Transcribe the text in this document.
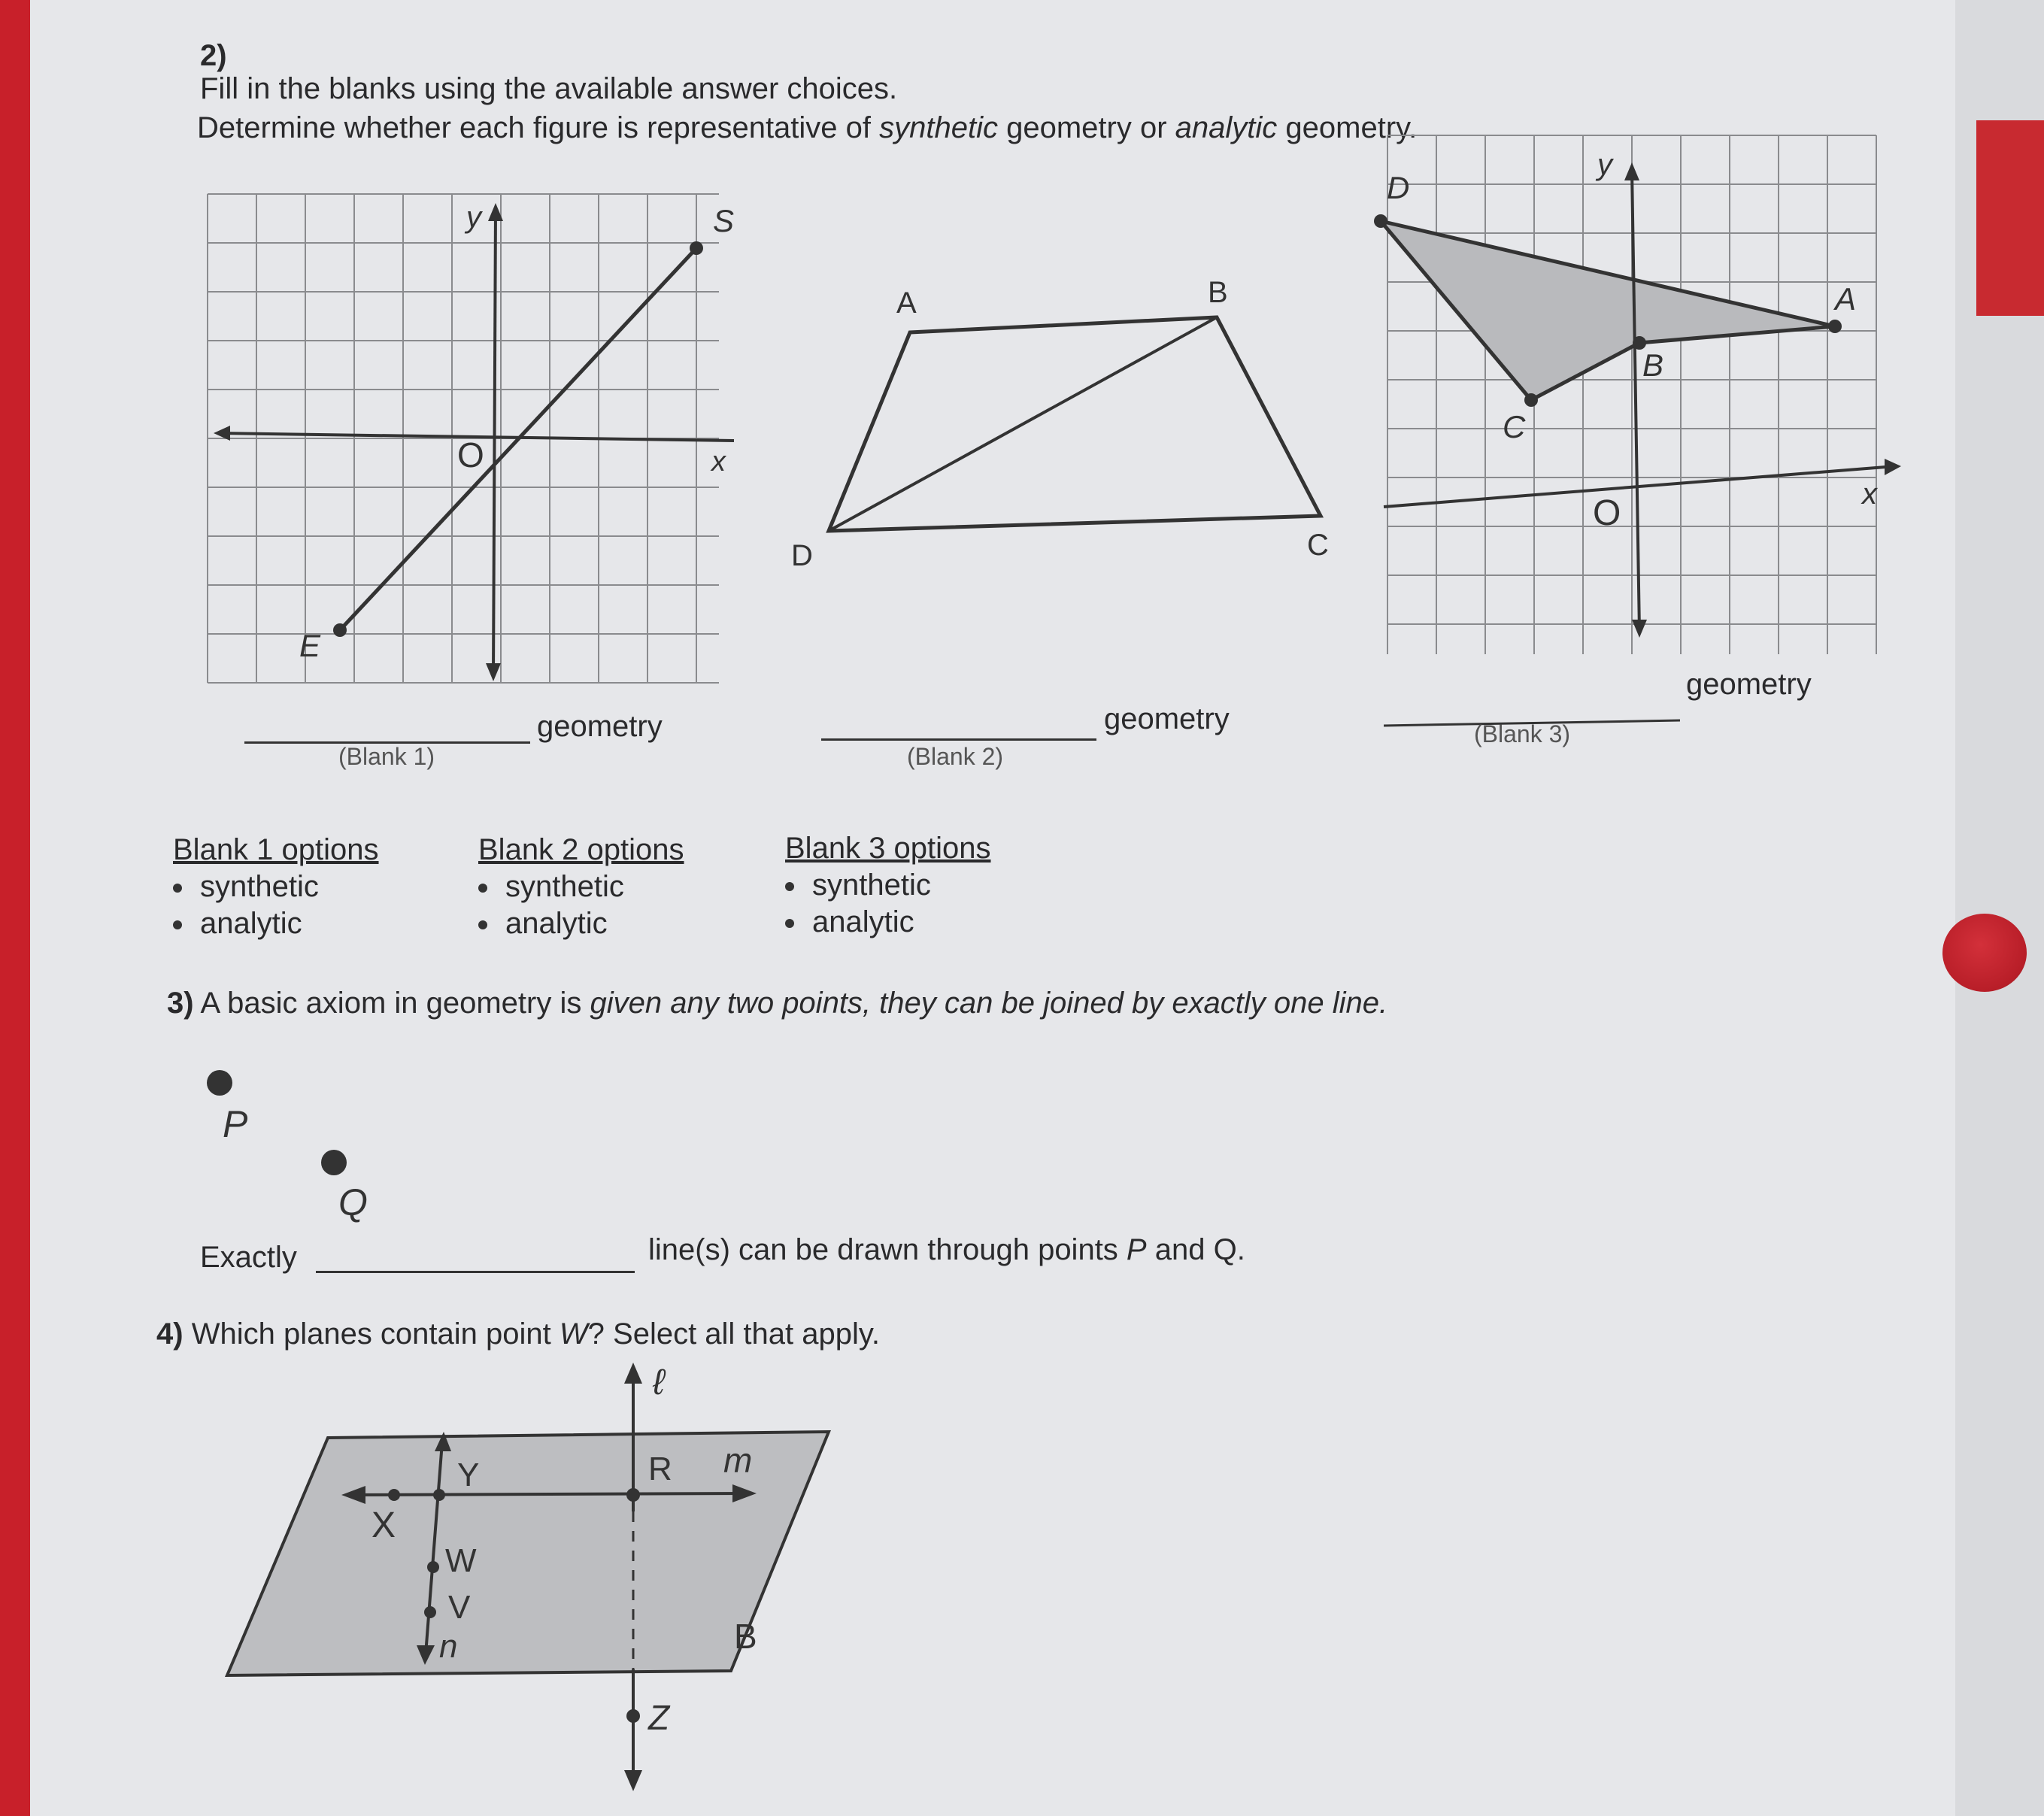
2)
Fill in the blanks using the available answer choices.
Determine whether each figure is representative of synthetic geometry or analytic geometry.
y	S
O	x
E
A	B
C
D
y
D
A
B
C
O	x
geometry
(Blank 1)
geometry
(Blank 2)
geometry
(Blank 3)
Blank 1 options
synthetic
analytic
Blank 2 options
synthetic
analytic
Blank 3 options
synthetic
analytic
3) A basic axiom in geometry is given any two points, they can be joined by exactly one line.
P
Q
Exactly	line(s) can be drawn through points P and Q.
4) Which planes contain point W? Select all that apply.
ℓ
Y	R m
X
W
V
n	B
Z
